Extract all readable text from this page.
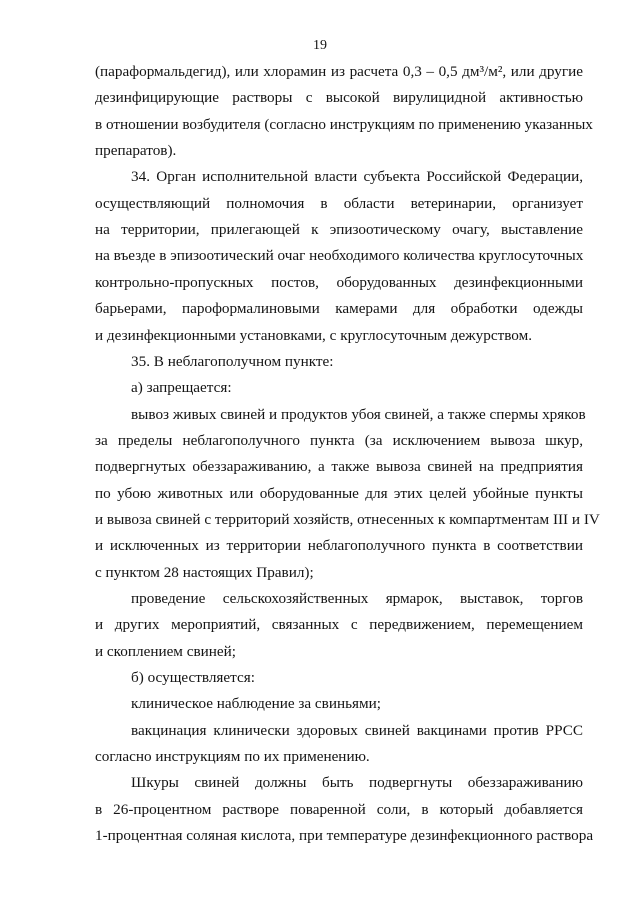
19
(параформальдегид), или хлорамин из расчета 0,3 – 0,5 дм³/м², или другие
дезинфицирующие растворы с высокой вирулицидной активностью
в отношении возбудителя (согласно инструкциям по применению указанных
препаратов).
34. Орган исполнительной власти субъекта Российской Федерации,
осуществляющий полномочия в области ветеринарии, организует
на территории, прилегающей к эпизоотическому очагу, выставление
на въезде в эпизоотический очаг необходимого количества круглосуточных
контрольно-пропускных постов, оборудованных дезинфекционными
барьерами, пароформалиновыми камерами для обработки одежды
и дезинфекционными установками, с круглосуточным дежурством.
35. В неблагополучном пункте:
а) запрещается:
вывоз живых свиней и продуктов убоя свиней, а также спермы хряков
за пределы неблагополучного пункта (за исключением вывоза шкур,
подвергнутых обеззараживанию, а также вывоза свиней на предприятия
по убою животных или оборудованные для этих целей убойные пункты
и вывоза свиней с территорий хозяйств, отнесенных к компартментам III и IV
и исключенных из территории неблагополучного пункта в соответствии
с пунктом 28 настоящих Правил);
проведение сельскохозяйственных ярмарок, выставок, торгов
и других мероприятий, связанных с передвижением, перемещением
и скоплением свиней;
б) осуществляется:
клиническое наблюдение за свиньями;
вакцинация клинически здоровых свиней вакцинами против РРСС
согласно инструкциям по их применению.
Шкуры свиней должны быть подвергнуты обеззараживанию
в 26-процентном растворе поваренной соли, в который добавляется
1-процентная соляная кислота, при температуре дезинфекционного раствора
